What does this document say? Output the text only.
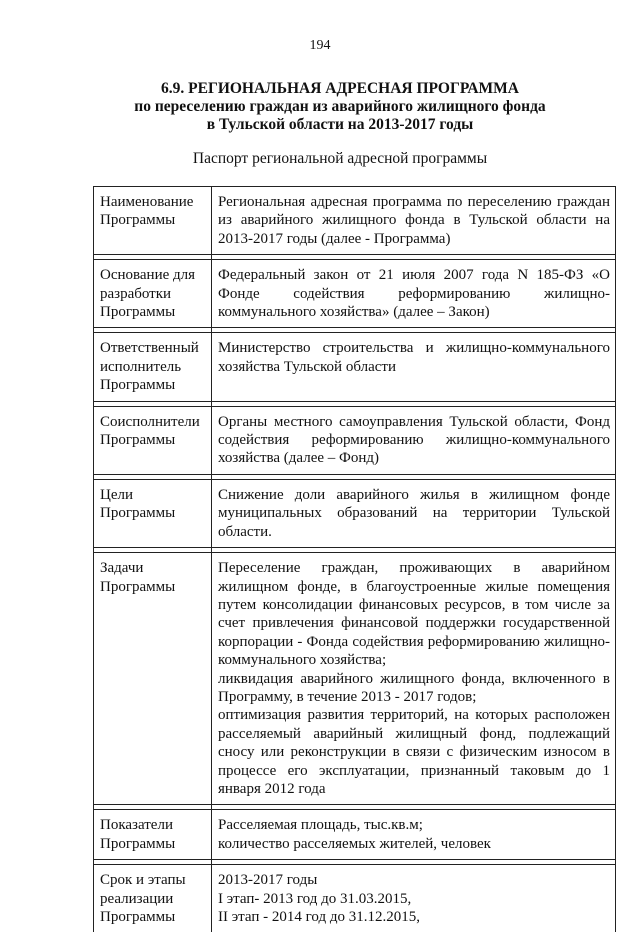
194
6.9. РЕГИОНАЛЬНАЯ АДРЕСНАЯ ПРОГРАММА
по переселению граждан из аварийного жилищного фонда
в Тульской области на 2013-2017 годы
Паспорт региональной адресной программы
Наименование Программы	Региональная адресная программа по переселению граждан из аварийного жилищного фонда в Тульской области на 2013-2017 годы (далее - Программа)

Основание для разработки Программы	Федеральный закон от 21 июля 2007 года N 185-ФЗ «О Фонде содействия реформированию жилищно-коммунального хозяйства» (далее – Закон)

Ответственный исполнитель Программы	Министерство строительства и жилищно-коммунального хозяйства Тульской области

Соисполнители Программы	Органы местного самоуправления Тульской области, Фонд содействия реформированию жилищно-коммунального хозяйства (далее – Фонд)

Цели Программы	Снижение доли аварийного жилья в жилищном фонде муниципальных образований на территории Тульской области.

Задачи Программы	Переселение граждан, проживающих в аварийном жилищном фонде, в благоустроенные жилые помещения путем консолидации финансовых ресурсов, в том числе за счет привлечения финансовой поддержки государственной корпорации - Фонда содействия реформированию жилищно-коммунального хозяйства;
ликвидация аварийного жилищного фонда, включенного в Программу, в течение 2013 - 2017 годов;
оптимизация развития территорий, на которых расположен расселяемый аварийный жилищный фонд, подлежащий сносу или реконструкции в связи с физическим износом в процессе его эксплуатации, признанный таковым до 1 января 2012 года

Показатели Программы	Расселяемая площадь, тыс.кв.м;
количество расселяемых жителей, человек

Срок и этапы реализации Программы	2013-2017 годы
I этап- 2013 год до 31.03.2015,
II этап - 2014 год до 31.12.2015,
